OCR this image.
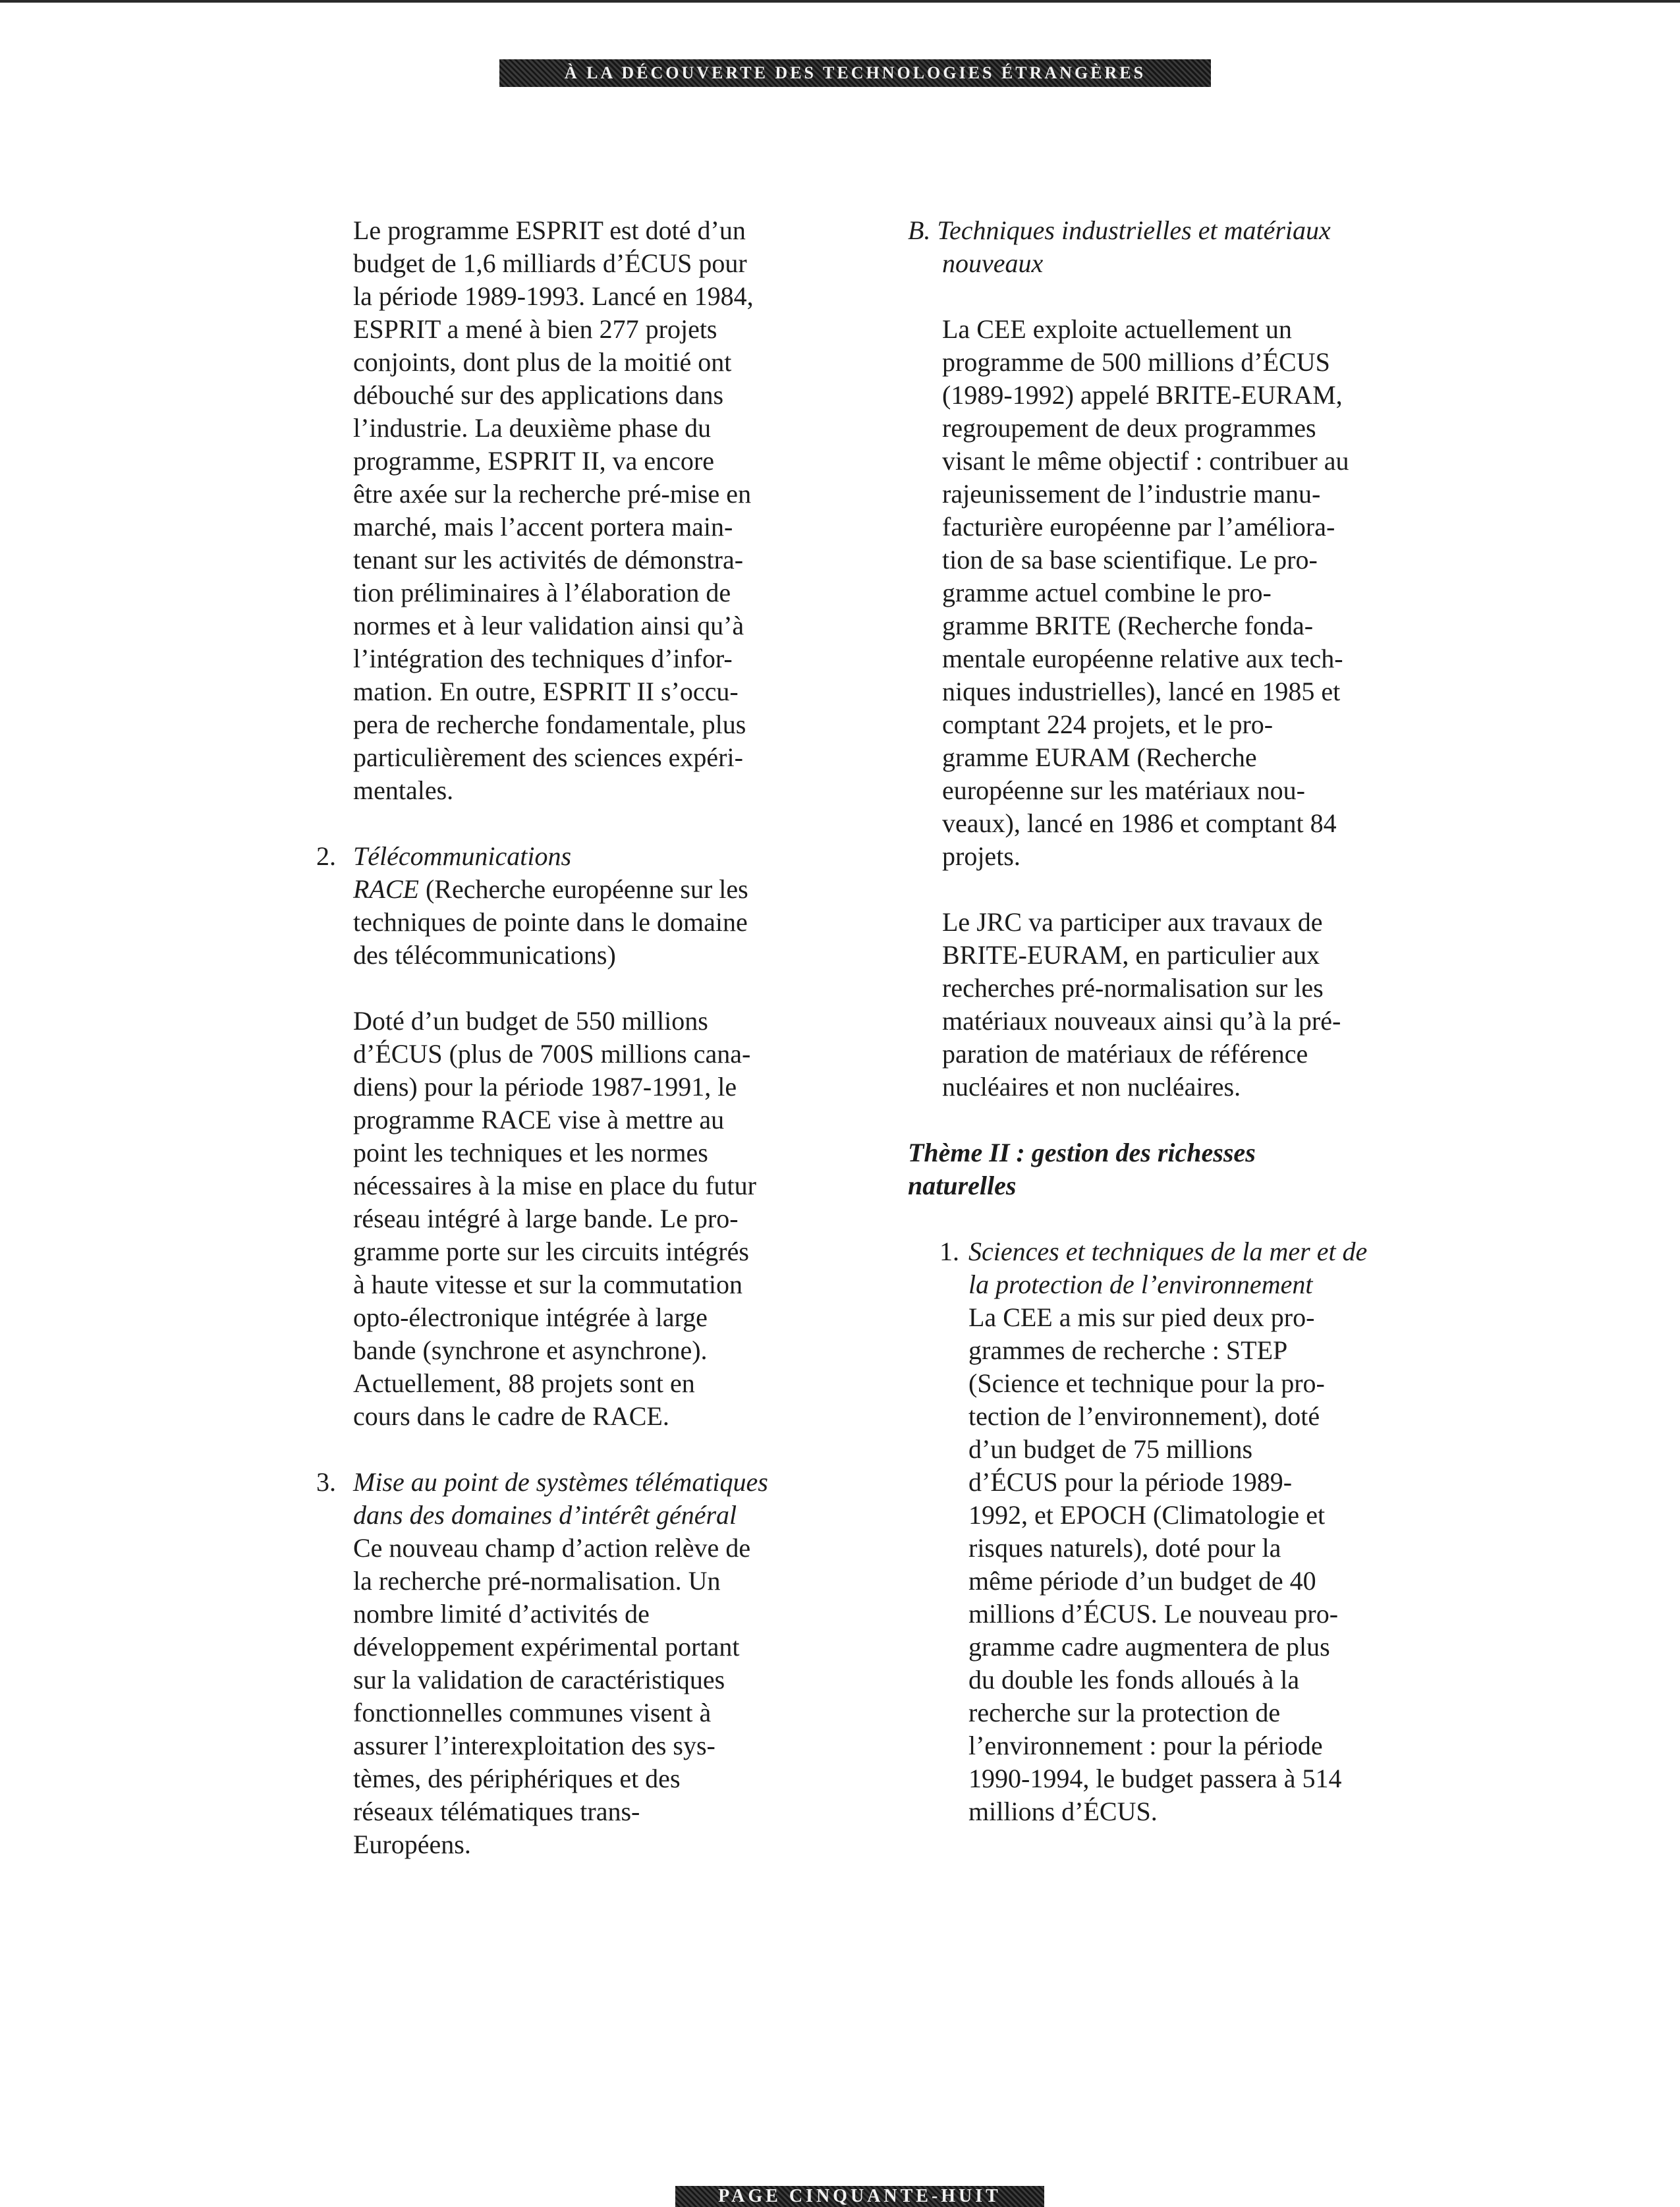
À LA DÉCOUVERTE DES TECHNOLOGIES ÉTRANGÈRES
Le programme ESPRIT est doté d’un
budget de 1,6 milliards d’ÉCUS pour
la période 1989-1993. Lancé en 1984,
ESPRIT a mené à bien 277 projets
conjoints, dont plus de la moitié ont
débouché sur des applications dans
l’industrie. La deuxième phase du
programme, ESPRIT II, va encore
être axée sur la recherche pré-mise en
marché, mais l’accent portera main-
tenant sur les activités de démonstra-
tion préliminaires à l’élaboration de
normes et à leur validation ainsi qu’à
l’intégration des techniques d’infor-
mation. En outre, ESPRIT II s’occu-
pera de recherche fondamentale, plus
particulièrement des sciences expéri-
mentales.
2. Télécommunications
RACE (Recherche européenne sur les
techniques de pointe dans le domaine
des télécommunications)
Doté d’un budget de 550 millions
d’ÉCUS (plus de 700S millions cana-
diens) pour la période 1987-1991, le
programme RACE vise à mettre au
point les techniques et les normes
nécessaires à la mise en place du futur
réseau intégré à large bande. Le pro-
gramme porte sur les circuits intégrés
à haute vitesse et sur la commutation
opto-électronique intégrée à large
bande (synchrone et asynchrone).
Actuellement, 88 projets sont en
cours dans le cadre de RACE.
3. Mise au point de systèmes télématiques
dans des domaines d’intérêt général
Ce nouveau champ d’action relève de
la recherche pré-normalisation. Un
nombre limité d’activités de
développement expérimental portant
sur la validation de caractéristiques
fonctionnelles communes visent à
assurer l’interexploitation des sys-
tèmes, des périphériques et des
réseaux télématiques trans-
Européens.
B. Techniques industrielles et matériaux
nouveaux
La CEE exploite actuellement un
programme de 500 millions d’ÉCUS
(1989-1992) appelé BRITE-EURAM,
regroupement de deux programmes
visant le même objectif : contribuer au
rajeunissement de l’industrie manu-
facturière européenne par l’améliora-
tion de sa base scientifique. Le pro-
gramme actuel combine le pro-
gramme BRITE (Recherche fonda-
mentale européenne relative aux tech-
niques industrielles), lancé en 1985 et
comptant 224 projets, et le pro-
gramme EURAM (Recherche
européenne sur les matériaux nou-
veaux), lancé en 1986 et comptant 84
projets.
Le JRC va participer aux travaux de
BRITE-EURAM, en particulier aux
recherches pré-normalisation sur les
matériaux nouveaux ainsi qu’à la pré-
paration de matériaux de référence
nucléaires et non nucléaires.
Thème II : gestion des richesses
naturelles
1. Sciences et techniques de la mer et de
la protection de l’environnement
La CEE a mis sur pied deux pro-
grammes de recherche : STEP
(Science et technique pour la pro-
tection de l’environnement), doté
d’un budget de 75 millions
d’ÉCUS pour la période 1989-
1992, et EPOCH (Climatologie et
risques naturels), doté pour la
même période d’un budget de 40
millions d’ÉCUS. Le nouveau pro-
gramme cadre augmentera de plus
du double les fonds alloués à la
recherche sur la protection de
l’environnement : pour la période
1990-1994, le budget passera à 514
millions d’ÉCUS.
PAGE CINQUANTE-HUIT
